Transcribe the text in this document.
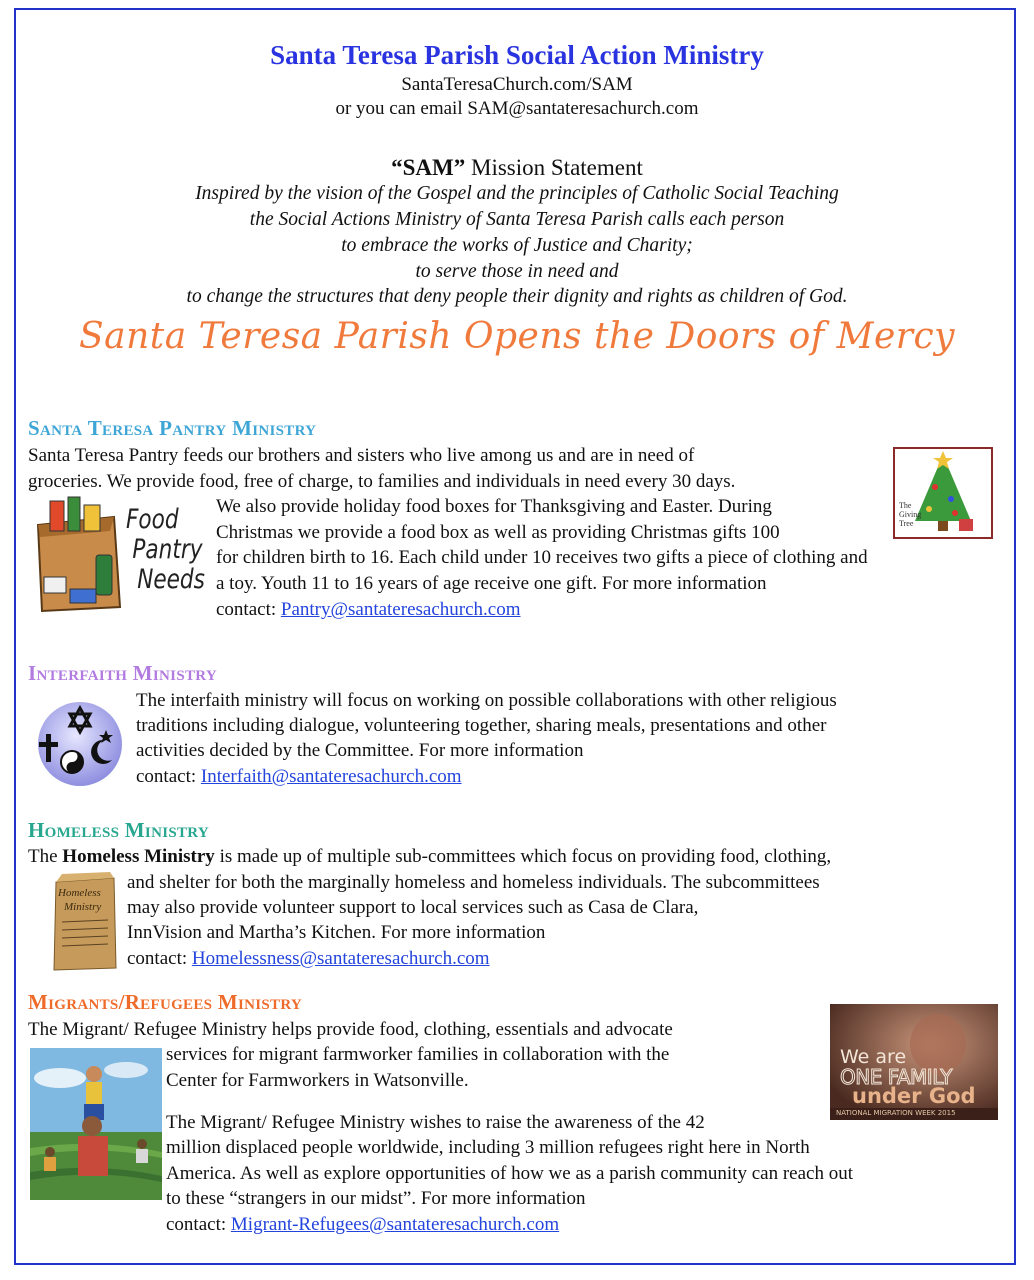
Santa Teresa Parish Social Action Ministry
SantaTeresaChurch.com/SAM
or you can email SAM@santateresachurch.com
“SAM” Mission Statement
Inspired by the vision of the Gospel and the principles of Catholic Social Teaching
the Social Actions Ministry of Santa Teresa Parish calls each person
to embrace the works of Justice and Charity;
to serve those in need and
to change the structures that deny people their dignity and rights as children of God.
Santa Teresa Parish Opens the Doors of Mercy
Santa Teresa Pantry Ministry
Santa Teresa Pantry feeds our brothers and sisters who live among us and are in need of
groceries. We provide food, free of charge, to families and individuals in need every 30 days.
We also provide holiday food boxes for Thanksgiving and Easter. During
Christmas we provide a food box as well as providing Christmas gifts 100
for children birth to 16. Each child under 10 receives two gifts a piece of clothing and
a toy. Youth 11 to 16 years of age receive one gift. For more information
contact: Pantry@santateresachurch.com
Food
Pantry
Needs
The
Giving
Tree
Interfaith Ministry
The interfaith ministry will focus on working on possible collaborations with other religious
traditions including dialogue, volunteering together, sharing meals, presentations and other
activities decided by the Committee. For more information
contact: Interfaith@santateresachurch.com
Homeless Ministry
The Homeless Ministry is made up of multiple sub-committees which focus on providing food, clothing,
and shelter for both the marginally homeless and homeless individuals. The subcommittees
may also provide volunteer support to local services such as Casa de Clara,
InnVision and Martha’s Kitchen. For more information
contact: Homelessness@santateresachurch.com
Homeless
Ministry
Migrants/Refugees Ministry
The Migrant/ Refugee Ministry helps provide food, clothing, essentials and advocate
services for migrant farmworker families in collaboration with the
Center for Farmworkers in Watsonville.
The Migrant/ Refugee Ministry wishes to raise the awareness of the 42
million displaced people worldwide, including 3 million refugees right here in North
America. As well as explore opportunities of how we as a parish community can reach out
to these “strangers in our midst”. For more information
contact: Migrant-Refugees@santateresachurch.com
We are
ONE FAMILY
under God
NATIONAL MIGRATION WEEK 2015
